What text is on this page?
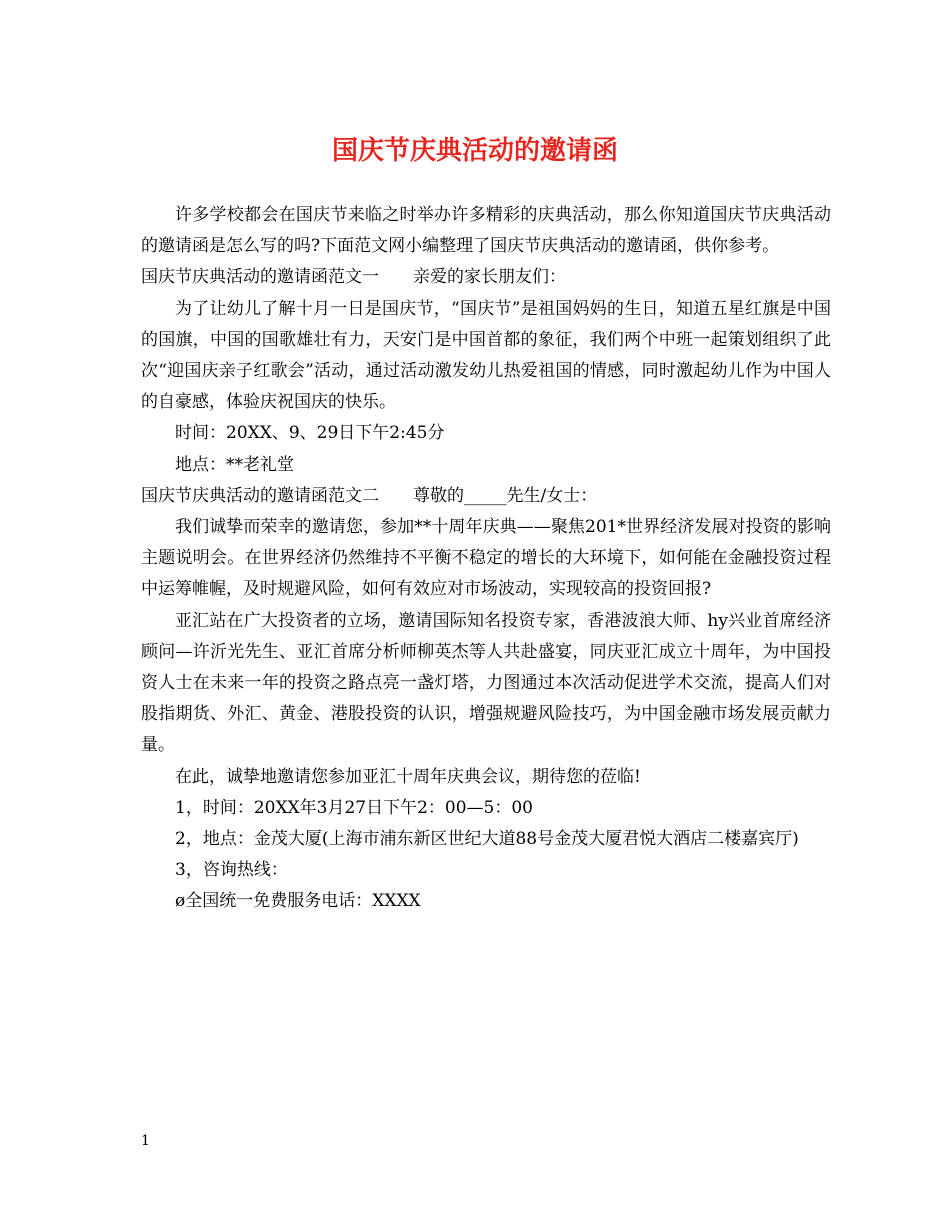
国庆节庆典活动的邀请函

许多学校都会在国庆节来临之时举办许多精彩的庆典活动，那么你知道国庆节庆典活动的邀请函是怎么写的吗?下面范文网小编整理了国庆节庆典活动的邀请函，供你参考。

国庆节庆典活动的邀请函范文一　　亲爱的家长朋友们：

为了让幼儿了解十月一日是国庆节，“国庆节”是祖国妈妈的生日，知道五星红旗是中国的国旗，中国的国歌雄壮有力，天安门是中国首都的象征，我们两个中班一起策划组织了此次“迎国庆亲子红歌会”活动，通过活动激发幼儿热爱祖国的情感，同时激起幼儿作为中国人的自豪感，体验庆祝国庆的快乐。

时间：20XX、9、29日下午2:45分

地点：**老礼堂

国庆节庆典活动的邀请函范文二　　尊敬的_____先生/女士：

我们诚挚而荣幸的邀请您，参加**十周年庆典——聚焦201*世界经济发展对投资的影响主题说明会。在世界经济仍然维持不平衡不稳定的增长的大环境下，如何能在金融投资过程中运筹帷幄，及时规避风险，如何有效应对市场波动，实现较高的投资回报?

亚汇站在广大投资者的立场，邀请国际知名投资专家，香港波浪大师、hy兴业首席经济顾问—许沂光先生、亚汇首席分析师柳英杰等人共赴盛宴，同庆亚汇成立十周年，为中国投资人士在未来一年的投资之路点亮一盏灯塔，力图通过本次活动促进学术交流，提高人们对股指期货、外汇、黄金、港股投资的认识，增强规避风险技巧，为中国金融市场发展贡献力量。

在此，诚挚地邀请您参加亚汇十周年庆典会议，期待您的莅临!

1，时间：20XX年3月27日下午2：00—5：00

2，地点：金茂大厦(上海市浦东新区世纪大道88号金茂大厦君悦大酒店二楼嘉宾厅)

3，咨询热线：

ø全国统一免费服务电话：XXXX

1
